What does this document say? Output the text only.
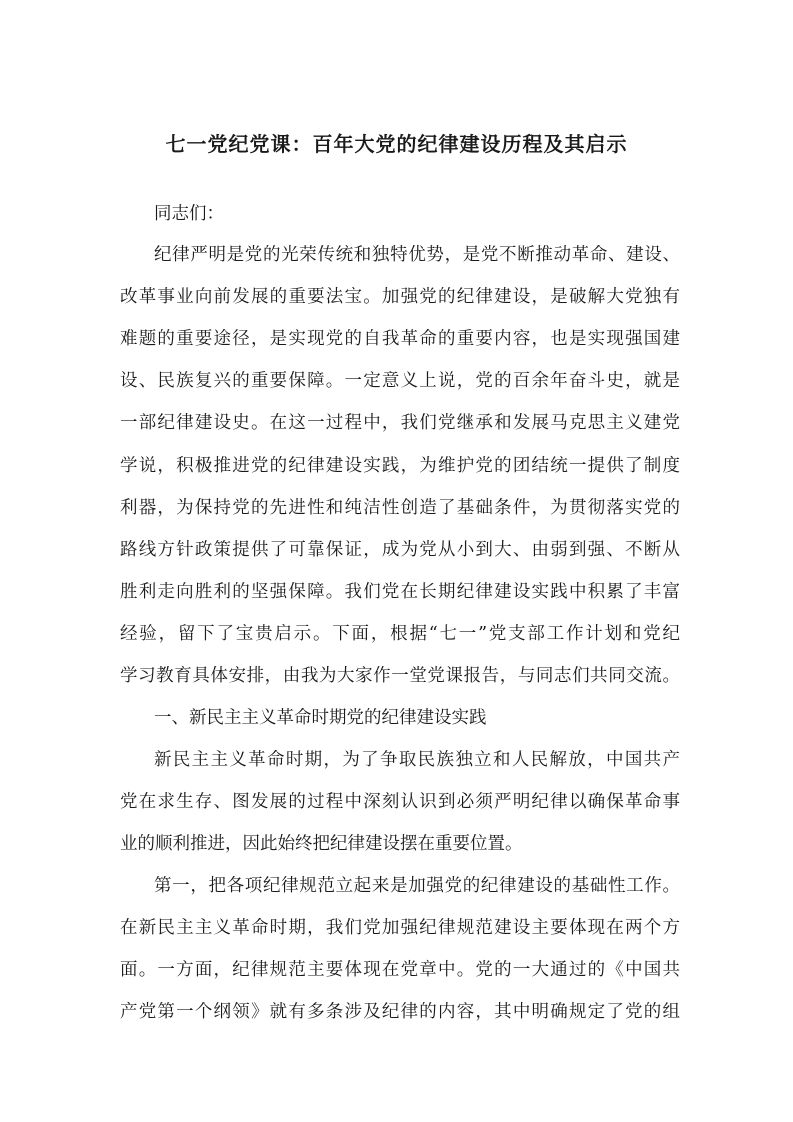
七一党纪党课：百年大党的纪律建设历程及其启示

同志们：

纪律严明是党的光荣传统和独特优势，是党不断推动革命、建设、

改革事业向前发展的重要法宝。加强党的纪律建设，是破解大党独有

难题的重要途径，是实现党的自我革命的重要内容，也是实现强国建

设、民族复兴的重要保障。一定意义上说，党的百余年奋斗史，就是

一部纪律建设史。在这一过程中，我们党继承和发展马克思主义建党

学说，积极推进党的纪律建设实践，为维护党的团结统一提供了制度

利器，为保持党的先进性和纯洁性创造了基础条件，为贯彻落实党的

路线方针政策提供了可靠保证，成为党从小到大、由弱到强、不断从

胜利走向胜利的坚强保障。我们党在长期纪律建设实践中积累了丰富

经验，留下了宝贵启示。下面，根据“七一”党支部工作计划和党纪

学习教育具体安排，由我为大家作一堂党课报告，与同志们共同交流。

一、新民主主义革命时期党的纪律建设实践

新民主主义革命时期，为了争取民族独立和人民解放，中国共产

党在求生存、图发展的过程中深刻认识到必须严明纪律以确保革命事

业的顺利推进，因此始终把纪律建设摆在重要位置。

第一，把各项纪律规范立起来是加强党的纪律建设的基础性工作。

在新民主主义革命时期，我们党加强纪律规范建设主要体现在两个方

面。一方面，纪律规范主要体现在党章中。党的一大通过的《中国共

产党第一个纲领》就有多条涉及纪律的内容，其中明确规定了党的组
